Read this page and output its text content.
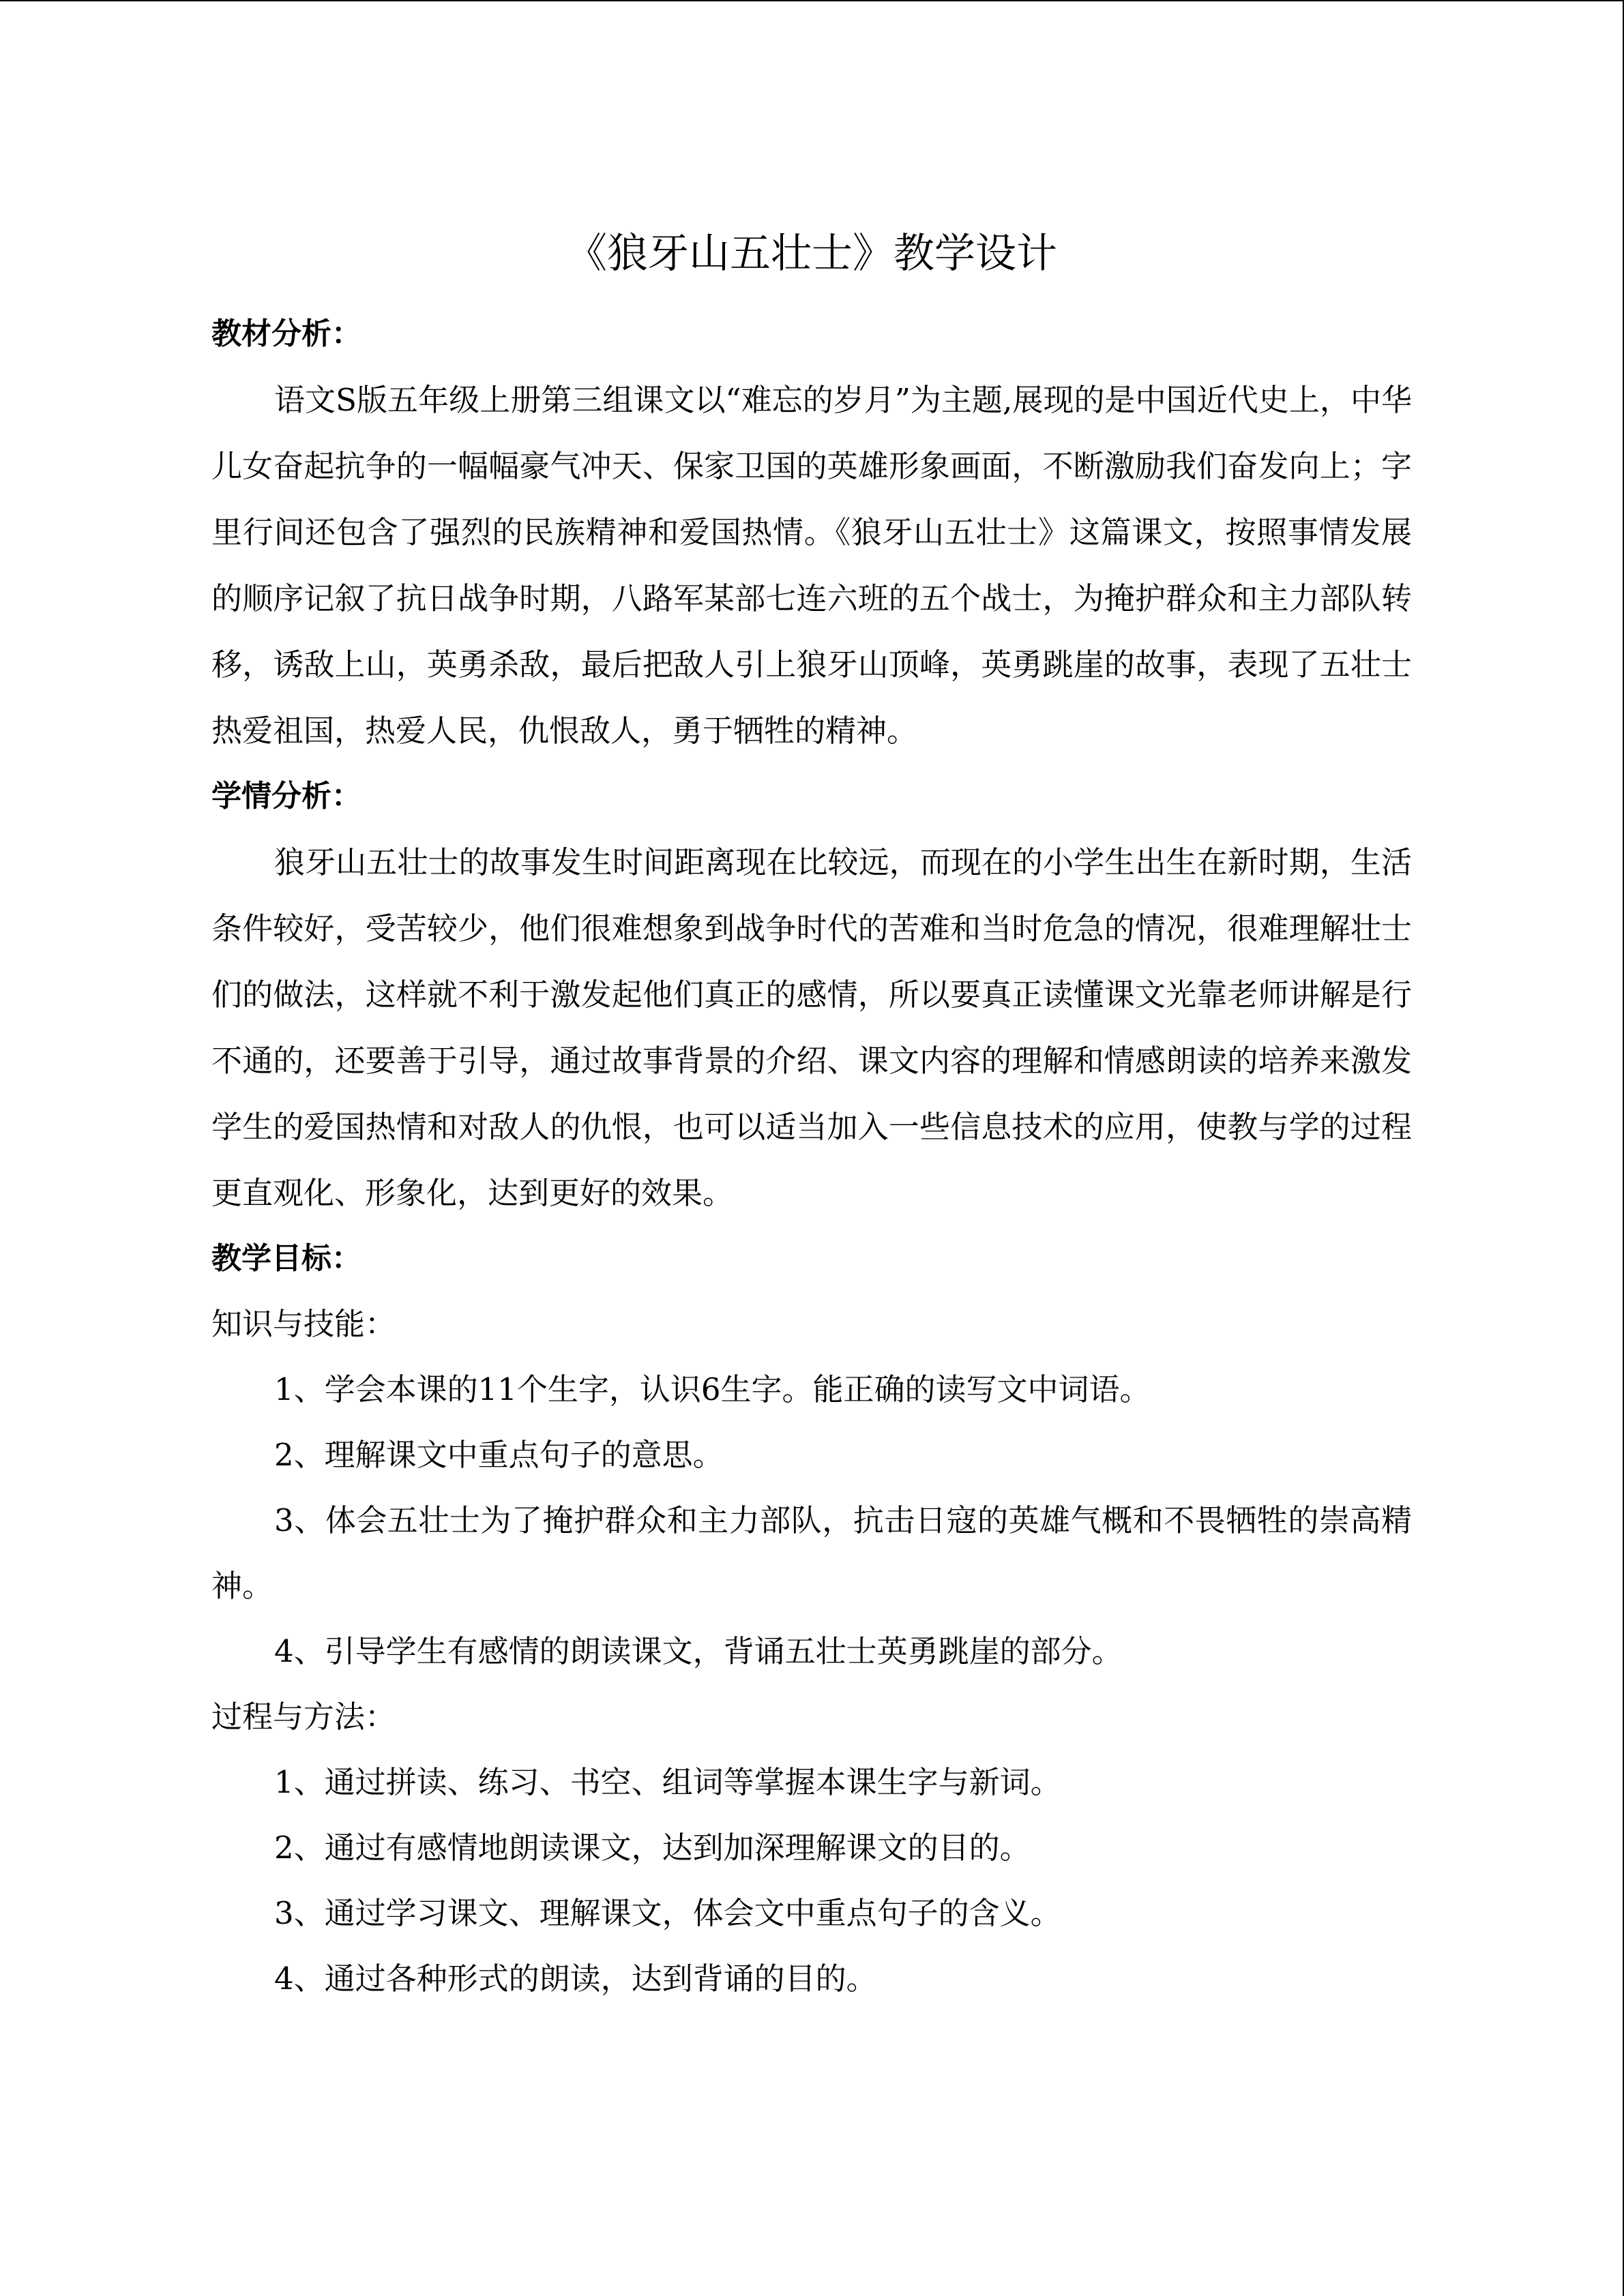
《狼牙山五壮士》教学设计

教材分析：

语文S版五年级上册第三组课文以“难忘的岁月”为主题,展现的是中国近代史上，中华儿女奋起抗争的一幅幅豪气冲天、保家卫国的英雄形象画面，不断激励我们奋发向上；字里行间还包含了强烈的民族精神和爱国热情。《狼牙山五壮士》这篇课文，按照事情发展的顺序记叙了抗日战争时期，八路军某部七连六班的五个战士，为掩护群众和主力部队转移，诱敌上山，英勇杀敌，最后把敌人引上狼牙山顶峰，英勇跳崖的故事，表现了五壮士热爱祖国，热爱人民，仇恨敌人，勇于牺牲的精神。

学情分析：

狼牙山五壮士的故事发生时间距离现在比较远，而现在的小学生出生在新时期，生活条件较好，受苦较少，他们很难想象到战争时代的苦难和当时危急的情况，很难理解壮士们的做法，这样就不利于激发起他们真正的感情，所以要真正读懂课文光靠老师讲解是行不通的，还要善于引导，通过故事背景的介绍、课文内容的理解和情感朗读的培养来激发学生的爱国热情和对敌人的仇恨，也可以适当加入一些信息技术的应用，使教与学的过程更直观化、形象化，达到更好的效果。

教学目标：

知识与技能：

1、学会本课的11个生字，认识6生字。能正确的读写文中词语。

2、理解课文中重点句子的意思。

3、体会五壮士为了掩护群众和主力部队，抗击日寇的英雄气概和不畏牺牲的崇高精神。

4、引导学生有感情的朗读课文，背诵五壮士英勇跳崖的部分。

过程与方法：

1、通过拼读、练习、书空、组词等掌握本课生字与新词。

2、通过有感情地朗读课文，达到加深理解课文的目的。

3、通过学习课文、理解课文，体会文中重点句子的含义。

4、通过各种形式的朗读，达到背诵的目的。
